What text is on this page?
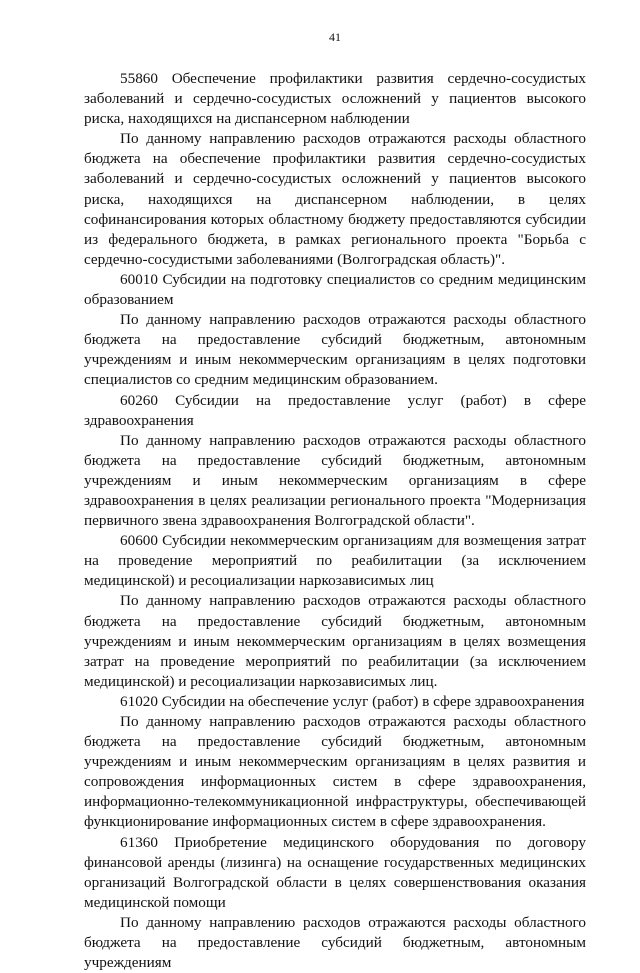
41

55860 Обеспечение профилактики развития сердечно-сосудистых заболеваний и сердечно-сосудистых осложнений у пациентов высокого риска, находящихся на диспансерном наблюдении

По данному направлению расходов отражаются расходы областного бюджета на обеспечение профилактики развития сердечно-сосудистых заболеваний и сердечно-сосудистых осложнений у пациентов высокого риска, находящихся на диспансерном наблюдении, в целях софинансирования которых областному бюджету предоставляются субсидии из федерального бюджета, в рамках регионального проекта "Борьба с сердечно-сосудистыми заболеваниями (Волгоградская область)".

60010 Субсидии на подготовку специалистов со средним медицинским образованием

По данному направлению расходов отражаются расходы областного бюджета на предоставление субсидий бюджетным, автономным учреждениям и иным некоммерческим организациям в целях подготовки специалистов со средним медицинским образованием.

60260 Субсидии на предоставление услуг (работ) в сфере здравоохранения

По данному направлению расходов отражаются расходы областного бюджета на предоставление субсидий бюджетным, автономным учреждениям и иным некоммерческим организациям в сфере здравоохранения в целях реализации регионального проекта "Модернизация первичного звена здравоохранения Волгоградской области".

60600 Субсидии некоммерческим организациям для возмещения затрат на проведение мероприятий по реабилитации (за исключением медицинской) и ресоциализации наркозависимых лиц

По данному направлению расходов отражаются расходы областного бюджета на предоставление субсидий бюджетным, автономным учреждениям и иным некоммерческим организациям в целях возмещения затрат на проведение мероприятий по реабилитации (за исключением медицинской) и ресоциализации наркозависимых лиц.

61020 Субсидии на обеспечение услуг (работ) в сфере здравоохранения

По данному направлению расходов отражаются расходы областного бюджета на предоставление субсидий бюджетным, автономным учреждениям и иным некоммерческим организациям в целях развития и сопровождения информационных систем в сфере здравоохранения, информационно-телекоммуникационной инфраструктуры, обеспечивающей функционирование информационных систем в сфере здравоохранения.

61360 Приобретение медицинского оборудования по договору финансовой аренды (лизинга) на оснащение государственных медицинских организаций Волгоградской области в целях совершенствования оказания медицинской помощи

По данному направлению расходов отражаются расходы областного бюджета на предоставление субсидий бюджетным, автономным учреждениям
